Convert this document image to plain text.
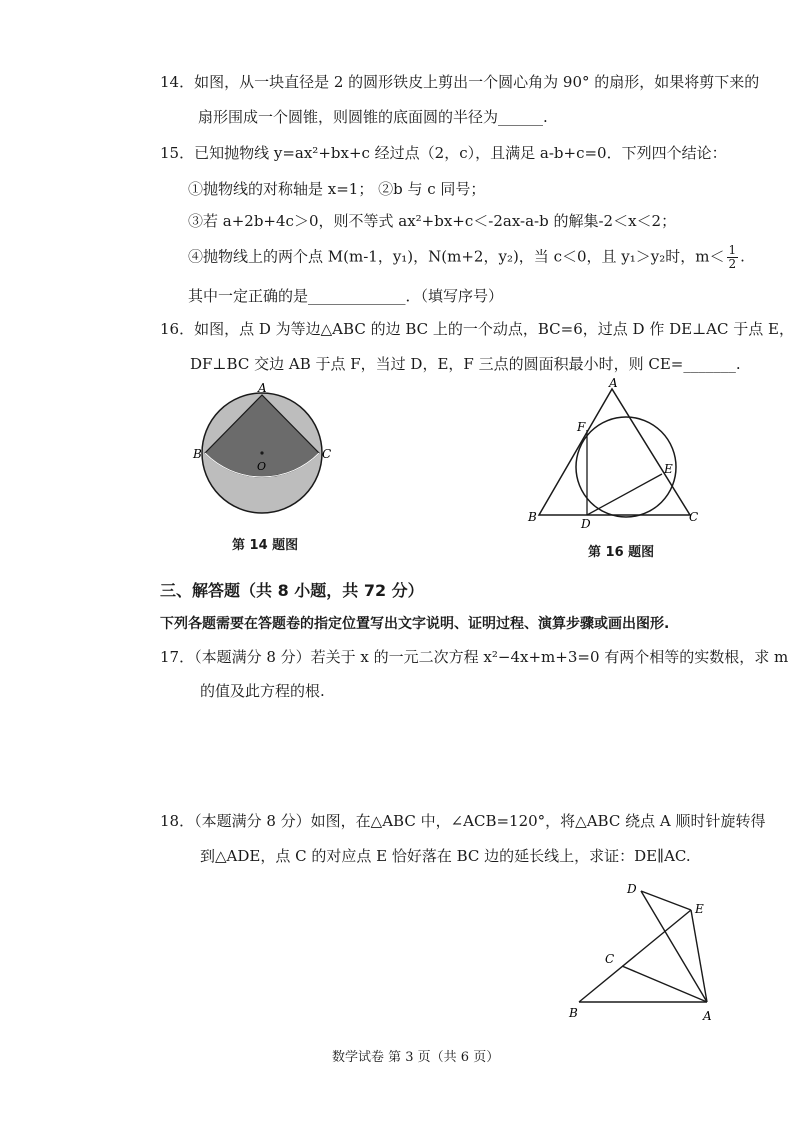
14．如图，从一块直径是 2 的圆形铁皮上剪出一个圆心角为 90° 的扇形，如果将剪下来的
扇形围成一个圆锥，则圆锥的底面圆的半径为______.
15．已知抛物线 y=ax²+bx+c 经过点（2，c），且满足 a-b+c=0．下列四个结论：
①抛物线的对称轴是 x=1； ②b 与 c 同号；
③若 a+2b+4c＞0，则不等式 ax²+bx+c＜-2ax-a-b 的解集-2＜x＜2；
④抛物线上的两个点 M(m-1，y₁)，N(m+2，y₂)，当 c＜0，且 y₁＞y₂时，$m< \frac{1}{2}$ .
其中一定正确的是_____________．（填写序号）
16．如图，点 D 为等边△ABC 的边 BC 上的一个动点，BC=6，过点 D 作 DE⊥AC 于点 E，
DF⊥BC 交边 AB 于点 F，当过 D，E，F 三点的圆面积最小时，则 CE=_______.
A
B	C
O
第 14 题图
A
B	C
D
E
F
第 16 题图
三、解答题（共 8 小题，共 72 分）
下列各题需要在答题卷的指定位置写出文字说明、证明过程、演算步骤或画出图形.
17．（本题满分 8 分）若关于 x 的一元二次方程 x²−4x+m+3=0 有两个相等的实数根，求 m
的值及此方程的根.
18．（本题满分 8 分）如图，在△ABC 中，∠ACB=120°，将△ABC 绕点 A 顺时针旋转得
到△ADE，点 C 的对应点 E 恰好落在 BC 边的延长线上，求证：DE∥AC.
B	A
C
D
E
数学试卷 第 3 页（共 6 页）
